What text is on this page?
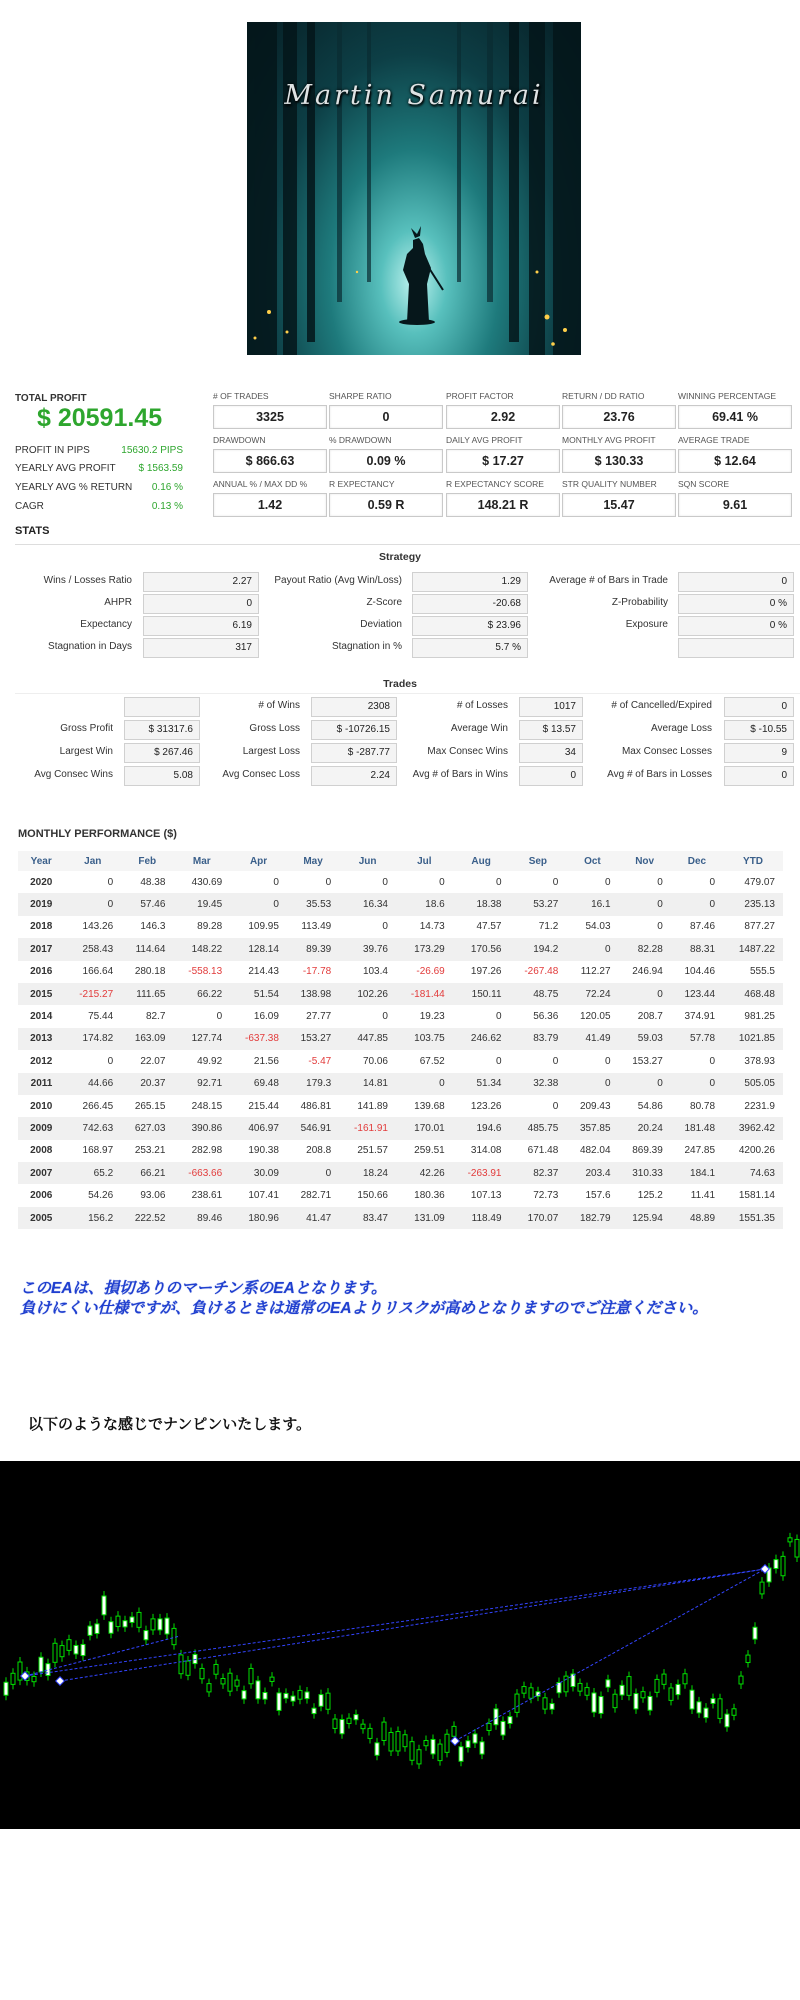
Martin Samurai
TOTAL PROFIT
$ 20591.45
PROFIT IN PIPS	15630.2 PIPS
YEARLY AVG PROFIT $ 1563.59
YEARLY AVG % RETURN 0.16 %
CAGR	0.13 %
# OF TRADES
3325
SHARPE RATIO
0
PROFIT FACTOR
2.92
RETURN / DD RATIO
23.76
WINNING PERCENTAGE
69.41 %
DRAWDOWN
$ 866.63
% DRAWDOWN
0.09 %
DAILY AVG PROFIT
$ 17.27
MONTHLY AVG PROFIT
$ 130.33
AVERAGE TRADE
$ 12.64
ANNUAL % / MAX DD %
1.42
R EXPECTANCY
0.59 R
R EXPECTANCY SCORE
148.21 R
STR QUALITY NUMBER
15.47
SQN SCORE
9.61
STATS
Strategy
Wins / Losses Ratio	2.27	Payout Ratio (Avg Win/Loss)	1.29	Average # of Bars in Trade	0
AHPR	0	Z-Score	-20.68	Z-Probability	0 %
Expectancy	6.19	Deviation	$ 23.96	Exposure	0 %
Stagnation in Days	317	Stagnation in %	5.7 %
Trades
# of Wins	2308	# of Losses	1017	# of Cancelled/Expired	0
Gross Profit	$ 31317.6	Gross Loss	$ -10726.15	Average Win	$ 13.57	Average Loss	$ -10.55
Largest Win	$ 267.46	Largest Loss	$ -287.77	Max Consec Wins	34	Max Consec Losses	9
Avg Consec Wins	5.08	Avg Consec Loss	2.24	Avg # of Bars in Wins	0	Avg # of Bars in Losses	0
MONTHLY PERFORMANCE ($)
Year	Jan	Feb	Mar	Apr	May	Jun	Jul	Aug	Sep	Oct	Nov	Dec	YTD
2020	0	48.38	430.69	0	0	0	0	0	0	0	0	0	479.07
2019	0	57.46	19.45	0	35.53	16.34	18.6	18.38	53.27	16.1	0	0	235.13
2018	143.26	146.3	89.28	109.95	113.49	0	14.73	47.57	71.2	54.03	0	87.46	877.27
2017	258.43	114.64	148.22	128.14	89.39	39.76	173.29	170.56	194.2	0	82.28	88.31	1487.22
2016	166.64	280.18	-558.13	214.43	-17.78	103.4	-26.69	197.26	-267.48	112.27	246.94	104.46	555.5
2015	-215.27	111.65	66.22	51.54	138.98	102.26	-181.44	150.11	48.75	72.24	0	123.44	468.48
2014	75.44	82.7	0	16.09	27.77	0	19.23	0	56.36	120.05	208.7	374.91	981.25
2013	174.82	163.09	127.74	-637.38	153.27	447.85	103.75	246.62	83.79	41.49	59.03	57.78	1021.85
2012	0	22.07	49.92	21.56	-5.47	70.06	67.52	0	0	0	153.27	0	378.93
2011	44.66	20.37	92.71	69.48	179.3	14.81	0	51.34	32.38	0	0	0	505.05
2010	266.45	265.15	248.15	215.44	486.81	141.89	139.68	123.26	0	209.43	54.86	80.78	2231.9
2009	742.63	627.03	390.86	406.97	546.91	-161.91	170.01	194.6	485.75	357.85	20.24	181.48	3962.42
2008	168.97	253.21	282.98	190.38	208.8	251.57	259.51	314.08	671.48	482.04	869.39	247.85	4200.26
2007	65.2	66.21	-663.66	30.09	0	18.24	42.26	-263.91	82.37	203.4	310.33	184.1	74.63
2006	54.26	93.06	238.61	107.41	282.71	150.66	180.36	107.13	72.73	157.6	125.2	11.41	1581.14
2005	156.2	222.52	89.46	180.96	41.47	83.47	131.09	118.49	170.07	182.79	125.94	48.89	1551.35
このEAは、損切ありのマーチン系のEAとなります。
負けにくい仕様ですが、負けるときは通常のEAよりリスクが高めとなりますのでご注意ください。
以下のような感じでナンピンいたします。
